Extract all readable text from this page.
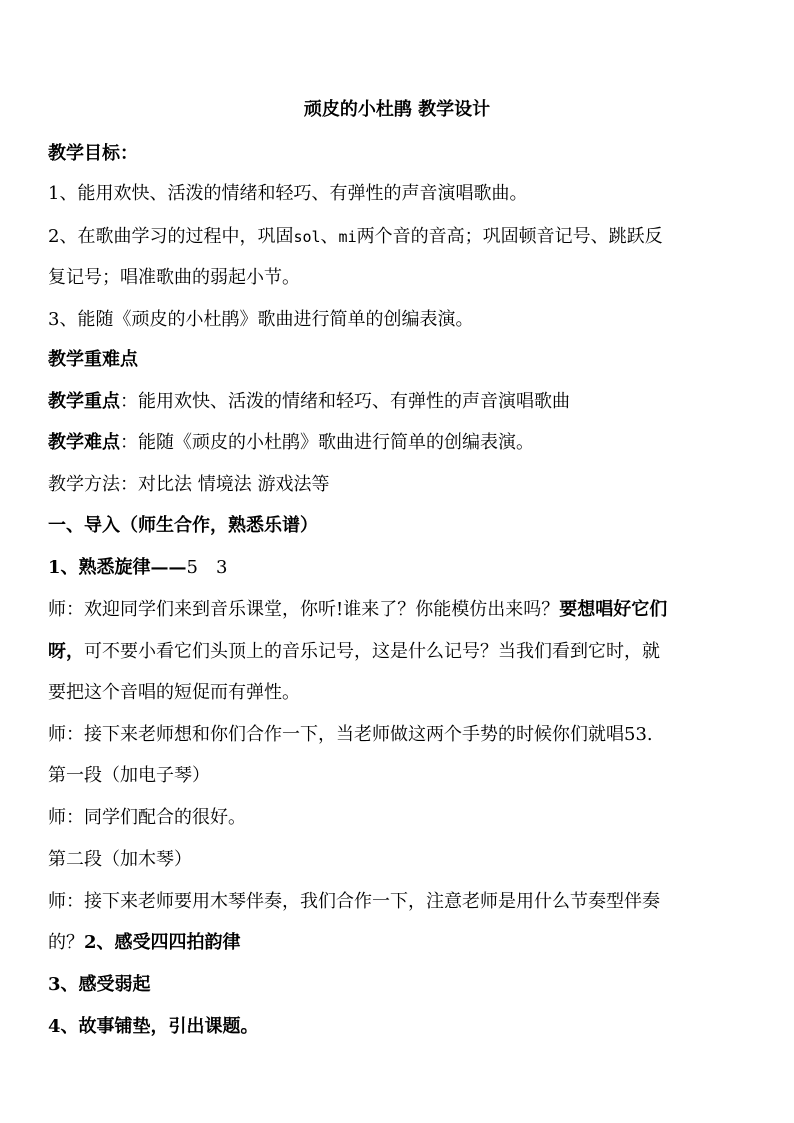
顽皮的小杜鹃 教学设计
教学目标：
1、能用欢快、活泼的情绪和轻巧、有弹性的声音演唱歌曲。
2、在歌曲学习的过程中，巩固sol、mi两个音的音高；巩固顿音记号、跳跃反
复记号；唱准歌曲的弱起小节。
3、能随《顽皮的小杜鹃》歌曲进行简单的创编表演。
教学重难点
教学重点：能用欢快、活泼的情绪和轻巧、有弹性的声音演唱歌曲
教学难点：能随《顽皮的小杜鹃》歌曲进行简单的创编表演。
教学方法：对比法 情境法 游戏法等
一、导入（师生合作，熟悉乐谱）
1、熟悉旋律——5　3
师：欢迎同学们来到音乐课堂，你听!谁来了？你能模仿出来吗？要想唱好它们
呀，可不要小看它们头顶上的音乐记号，这是什么记号？当我们看到它时，就
要把这个音唱的短促而有弹性。
师：接下来老师想和你们合作一下，当老师做这两个手势的时候你们就唱53.
第一段（加电子琴）
师：同学们配合的很好。
第二段（加木琴）
师：接下来老师要用木琴伴奏，我们合作一下，注意老师是用什么节奏型伴奏
的？2、感受四四拍韵律
3、感受弱起
4、故事铺垫，引出课题。
